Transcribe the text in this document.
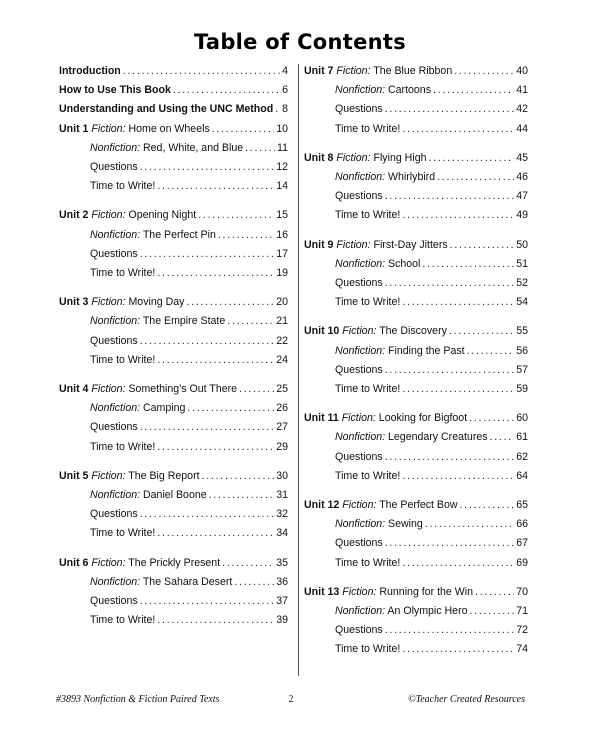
Table of Contents
Introduction . . .	4
How to Use This Book . . .	6
Understanding and Using the UNC Method . . . 8
Unit 1 Fiction: Home on Wheels . . .	10
Nonfiction: Red, White, and Blue . . .	11
Questions . . .	12
Time to Write! . . .	14
Unit 2 Fiction: Opening Night . . .	15
Nonfiction: The Perfect Pin . . .	16
Questions . . .	17
Time to Write! . . .	19
Unit 3 Fiction: Moving Day . . .	20
Nonfiction: The Empire State . . .	21
Questions . . .	22
Time to Write! . . .	24
Unit 4 Fiction: Something’s Out There . . .	25
Nonfiction: Camping . . .	26
Questions . . .	27
Time to Write! . . .	29
Unit 5 Fiction: The Big Report . . .	30
Nonfiction: Daniel Boone . . .	31
Questions . . .	32
Time to Write! . . .	34
Unit 6 Fiction: The Prickly Present . . .	35
Nonfiction: The Sahara Desert . . .	36
Questions . . .	37
Time to Write! . . .	39
Unit 7 Fiction: The Blue Ribbon . . .	40
Nonfiction: Cartoons . . .	41
Questions . . .	42
Time to Write! . . .	44
Unit 8 Fiction: Flying High . . .	45
Nonfiction: Whirlybird . . .	46
Questions . . .	47
Time to Write! . . .	49
Unit 9 Fiction: First-Day Jitters . . .	50
Nonfiction: School . . .	51
Questions . . .	52
Time to Write! . . .	54
Unit 10 Fiction: The Discovery . . .	55
Nonfiction: Finding the Past . . .	56
Questions . . .	57
Time to Write! . . .	59
Unit 11 Fiction: Looking for Bigfoot . . .	60
Nonfiction: Legendary Creatures . . .	61
Questions . . .	62
Time to Write! . . .	64
Unit 12 Fiction: The Perfect Bow . . .	65
Nonfiction: Sewing . . .	66
Questions . . .	67
Time to Write! . . .	69
Unit 13 Fiction: Running for the Win . . .	70
Nonfiction: An Olympic Hero . . .	71
Questions . . .	72
Time to Write! . . .	74
#3893 Nonfiction & Fiction Paired Texts	2	©Teacher Created Resources
